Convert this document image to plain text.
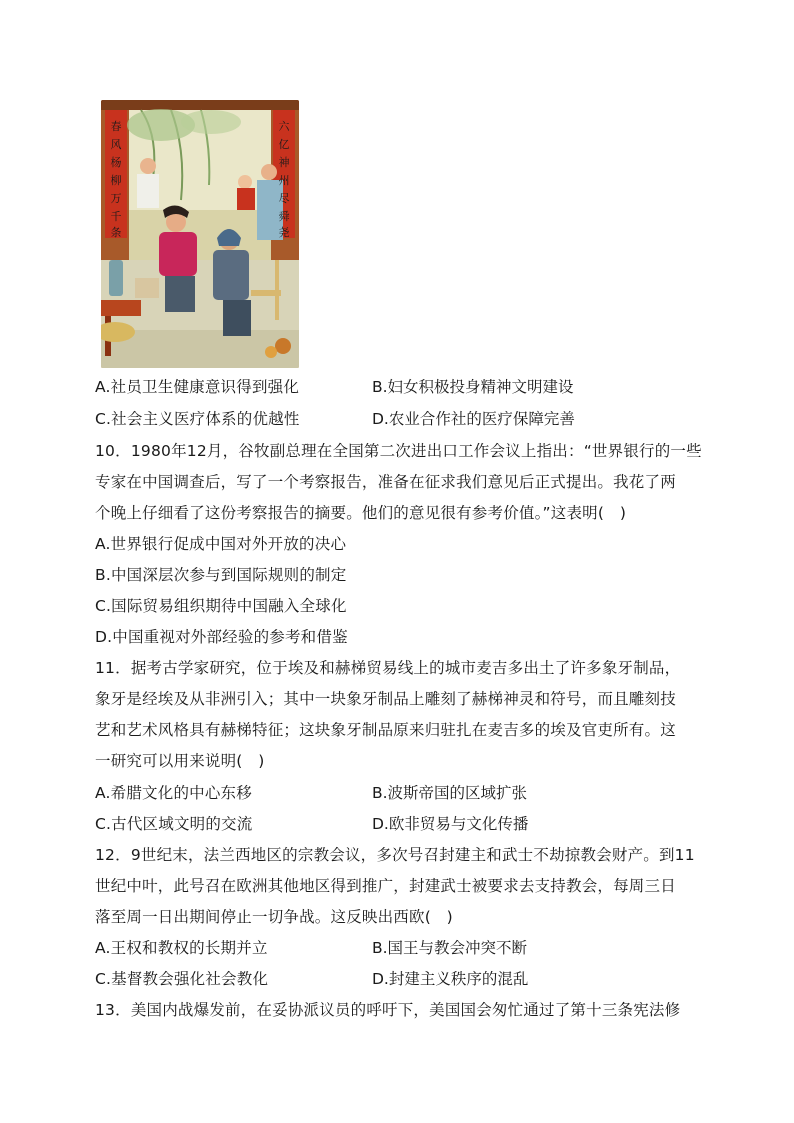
春
风
杨
柳
万
千
条
六
亿
神
州
尽
舜
尧
A.社员卫生健康意识得到强化	B.妇女积极投身精神文明建设
C.社会主义医疗体系的优越性	D.农业合作社的医疗保障完善
10．1980年12月，谷牧副总理在全国第二次进出口工作会议上指出：“世界银行的一些
专家在中国调查后，写了一个考察报告，准备在征求我们意见后正式提出。我花了两
个晚上仔细看了这份考察报告的摘要。他们的意见很有参考价值。”这表明(　)
A.世界银行促成中国对外开放的决心
B.中国深层次参与到国际规则的制定
C.国际贸易组织期待中国融入全球化
D.中国重视对外部经验的参考和借鉴
11．据考古学家研究，位于埃及和赫梯贸易线上的城市麦吉多出土了许多象牙制品，
象牙是经埃及从非洲引入；其中一块象牙制品上雕刻了赫梯神灵和符号，而且雕刻技
艺和艺术风格具有赫梯特征；这块象牙制品原来归驻扎在麦吉多的埃及官吏所有。这
一研究可以用来说明(　)
A.希腊文化的中心东移	B.波斯帝国的区域扩张
C.古代区域文明的交流	D.欧非贸易与文化传播
12．9世纪末，法兰西地区的宗教会议，多次号召封建主和武士不劫掠教会财产。到11
世纪中叶，此号召在欧洲其他地区得到推广，封建武士被要求去支持教会，每周三日
落至周一日出期间停止一切争战。这反映出西欧(　)
A.王权和教权的长期并立	B.国王与教会冲突不断
C.基督教会强化社会教化	D.封建主义秩序的混乱
13．美国内战爆发前，在妥协派议员的呼吁下，美国国会匆忙通过了第十三条宪法修
